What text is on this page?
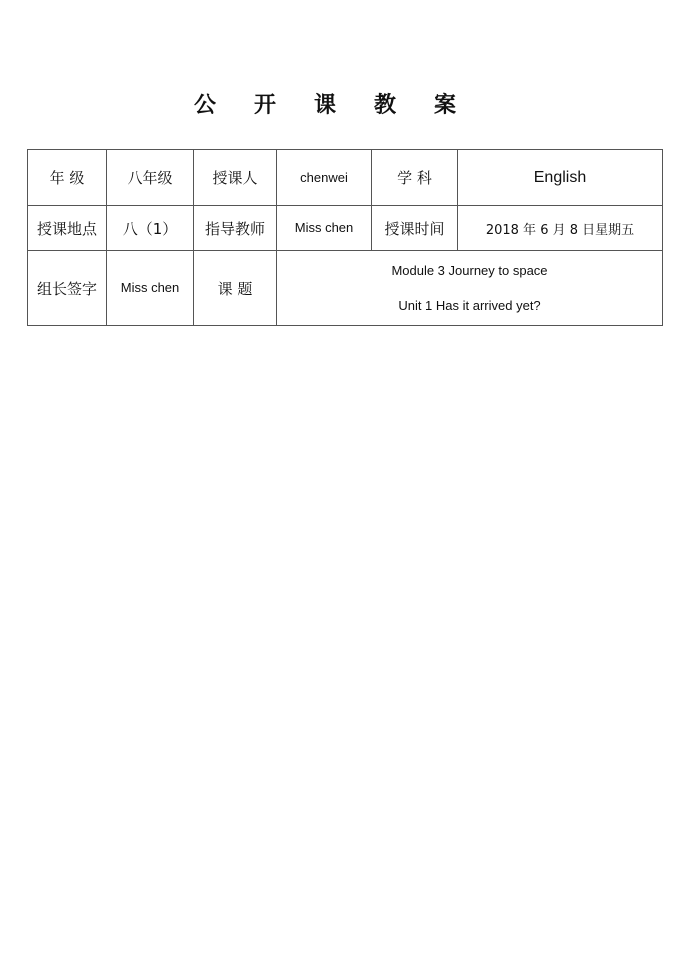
公 开 课 教 案
年 级	八年级	授课人	chenwei	学 科	English
授课地点	八（1）	指导教师	Miss chen	授课时间	2018 年 6 月 8 日星期五
组长签字	Miss chen	课 题	Module 3 Journey to space
Unit 1 Has it arrived yet?		
